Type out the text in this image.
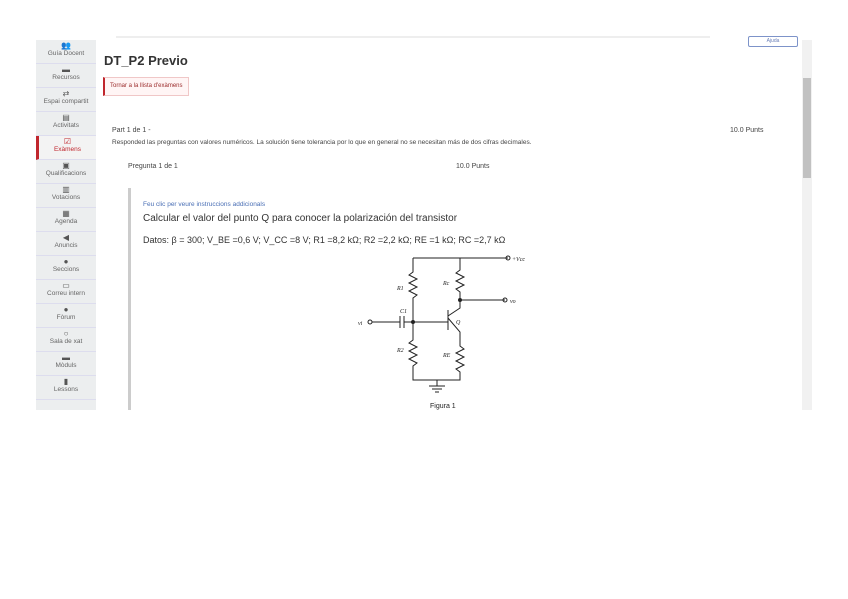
👥
Guía Docent
▬
Recursos
⇄
Espai compartit
▤
Activitats
☑
Exàmens
▣
Qualificacions
▥
Votacions
▦
Agenda
◀
Anuncis
●
Seccions
▭
Correu intern
●
Fòrum
○
Sala de xat
▬
Mòduls
▮
Lessons
Ajuda
DT_P2 Previo
Tornar a la llista d'exàmens
Part 1 de 1 -	10.0 Punts
Responded las preguntas con valores numéricos. La solución tiene tolerancia por lo que en general no se necesitan más de dos cifras decimales.
Pregunta 1 de 1	10.0 Punts
Feu clic per veure instruccions addicionals
Calcular el valor del punto Q para conocer la polarización del transistor
Datos: β = 300; V_BE =0,6 V; V_CC =8 V; R1 =8,2 kΩ; R2 =2,2 kΩ; RE =1 kΩ; RC =2,7 kΩ
+Vcc
R1
R2
Rc
RE
C1
Q
vi
vo
Figura 1
